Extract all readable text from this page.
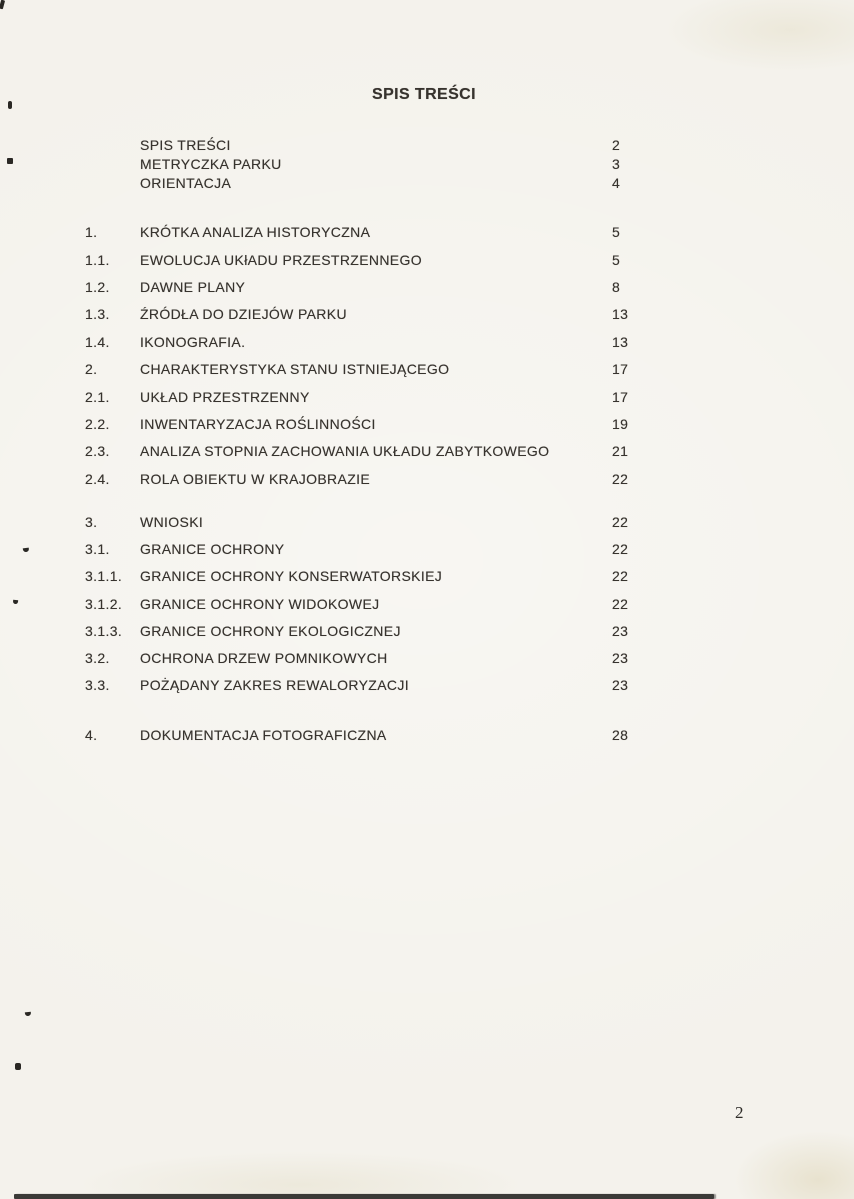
SPIS TREŚCI
SPIS TREŚCI	2
METRYCZKA PARKU	3
ORIENTACJA	4
1.	KRÓTKA ANALIZA HISTORYCZNA	5
1.1. EWOLUCJA UKłADU PRZESTRZENNEGO	5
1.2. DAWNE PLANY	8
1.3. ŹRÓDŁA DO DZIEJÓW PARKU	13
1.4. IKONOGRAFIA.	13
2.	CHARAKTERYSTYKA STANU ISTNIEJĄCEGO	17
2.1. UKŁAD PRZESTRZENNY	17
2.2. INWENTARYZACJA ROŚLINNOŚCI	19
2.3. ANALIZA STOPNIA ZACHOWANIA UKŁADU ZABYTKOWEGO	21
2.4. ROLA OBIEKTU W KRAJOBRAZIE	22
3.	WNIOSKI	22
3.1. GRANICE OCHRONY	22
3.1.1. GRANICE OCHRONY KONSERWATORSKIEJ	22
3.1.2. GRANICE OCHRONY WIDOKOWEJ	22
3.1.3. GRANICE OCHRONY EKOLOGICZNEJ	23
3.2. OCHRONA DRZEW POMNIKOWYCH	23
3.3. POŻĄDANY ZAKRES REWALORYZACJI	23
4.	DOKUMENTACJA FOTOGRAFICZNA	28
2
